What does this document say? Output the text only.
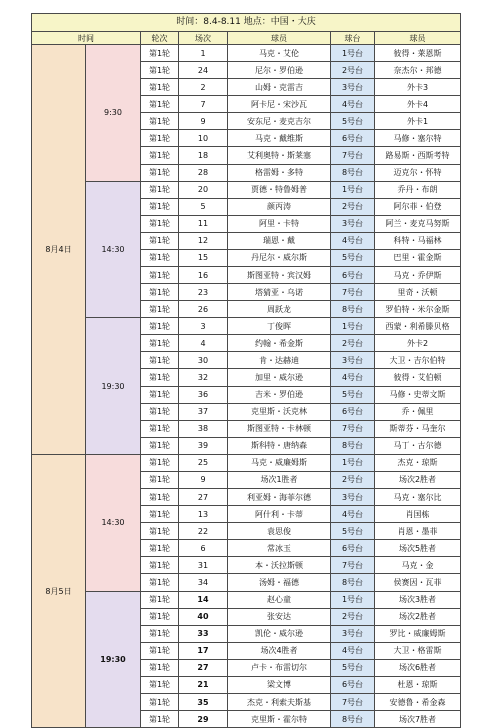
时间：8.4-8.11 地点：中国・大庆						
时间		轮次	场次	球员	球台	球员
8月4日	9:30	第1轮	1	马克・艾伦	1号台	彼得・莱恩斯
		第1轮	24	尼尔・罗伯逊	2号台	奈杰尔・邦德
		第1轮	2	山姆・克雷吉	3号台	外卡3
		第1轮	7	阿卡尼・宋沙瓦	4号台	外卡4
		第1轮	9	安东尼・麦克吉尔	5号台	外卡1
		第1轮	10	马克・戴维斯	6号台	马修・塞尔特
		第1轮	18	艾利奥特・斯莱塞	7号台	路易斯・西斯考特
		第1轮	28	格雷姆・多特	8号台	迈克尔・怀特
	14:30	第1轮	20	贾德・特鲁姆普	1号台	乔丹・布朗
		第1轮	5	颜丙涛	2号台	阿尔菲・伯登
		第1轮	11	阿里・卡特	3号台	阿兰・麦克马努斯
		第1轮	12	瑞恩・戴	4号台	科特・马福林
		第1轮	15	丹尼尔・威尔斯	5号台	巴里・霍金斯
		第1轮	16	斯图亚特・宾汉姆	6号台	马克・乔伊斯
		第1轮	23	塔猜亚・乌诺	7号台	里奇・沃顿
		第1轮	26	周跃龙	8号台	罗伯特・米尔金斯
	19:30	第1轮	3	丁俊晖	1号台	西蒙・利希滕贝格
		第1轮	4	约翰・希金斯	2号台	外卡2
		第1轮	30	肯・达赫迪	3号台	大卫・吉尔伯特
		第1轮	32	加里・威尔逊	4号台	彼得・艾伯顿
		第1轮	36	吉米・罗伯逊	5号台	马修・史蒂文斯
		第1轮	37	克里斯・沃克林	6号台	乔・佩里
		第1轮	38	斯图亚特・卡林顿	7号台	斯蒂芬・马奎尔
		第1轮	39	斯科特・唐纳森	8号台	马丁・古尔德
8月5日	14:30	第1轮	25	马克・威廉姆斯	1号台	杰克・琼斯
		第1轮	9	场次1胜者	2号台	场次2胜者
		第1轮	27	利亚姆・海菲尔德	3号台	马克・塞尔比
		第1轮	13	阿什利・卡蒂	4号台	肖国栋
		第1轮	22	袁思俊	5号台	肖恩・墨菲
		第1轮	6	常冰玉	6号台	场次5胜者
		第1轮	31	本・沃拉斯顿	7号台	马克・金
		第1轮	34	汤姆・福德	8号台	侯赛因・瓦菲
	19:30	第1轮	14	赵心童	1号台	场次3胜者
		第1轮	40	张安达	2号台	场次2胜者
		第1轮	33	凯伦・威尔逊	3号台	罗比・威廉姆斯
		第1轮	17	场次4胜者	4号台	大卫・格雷斯
		第1轮	27	卢卡・布雷切尔	5号台	场次6胜者
		第1轮	21	梁文博	6号台	杜恩・琼斯
		第1轮	35	杰克・利索夫斯基	7号台	安德鲁・希金森
		第1轮	29	克里斯・霍尔特	8号台	场次7胜者
